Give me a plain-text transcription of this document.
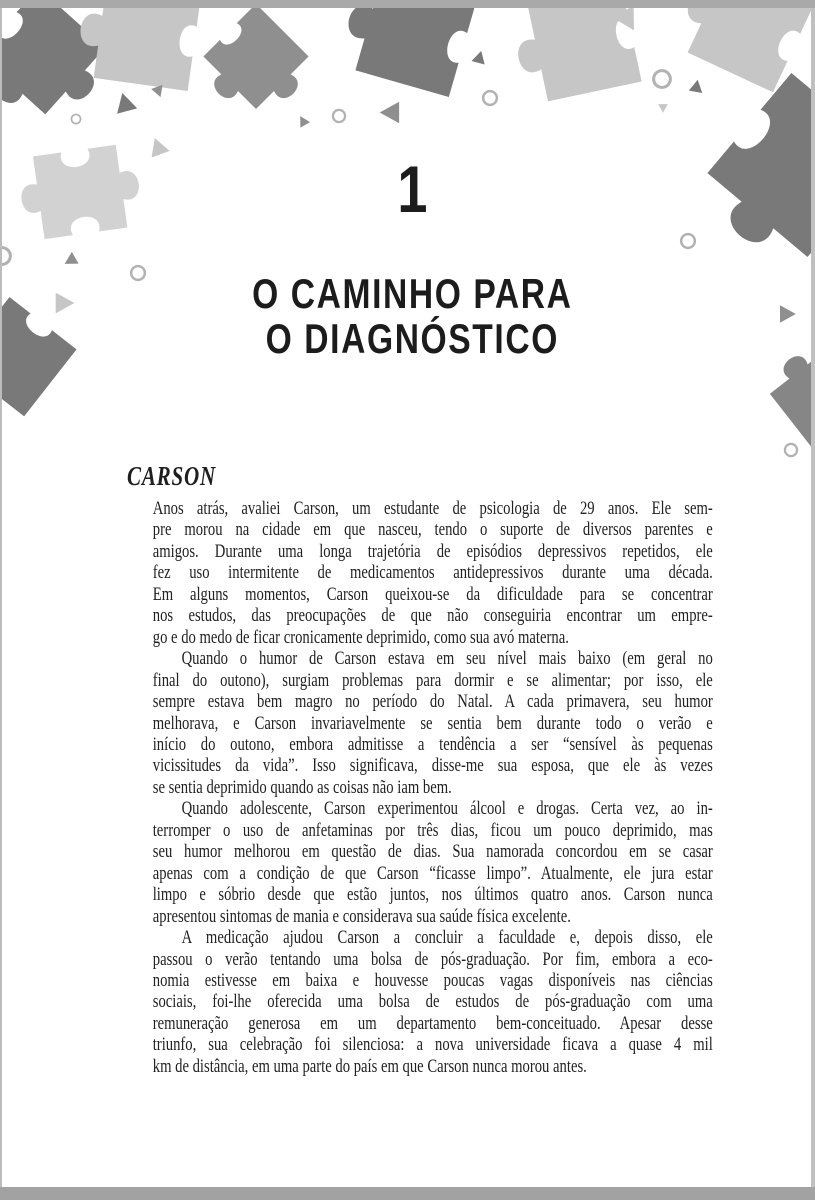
1
O CAMINHO PARA
O DIAGNÓSTICO
CARSON
Anos atrás, avaliei Carson, um estudante de psicologia de 29 anos. Ele sem-
pre morou na cidade em que nasceu, tendo o suporte de diversos parentes e
amigos. Durante uma longa trajetória de episódios depressivos repetidos, ele
fez uso intermitente de medicamentos antidepressivos durante uma década.
Em alguns momentos, Carson queixou-se da dificuldade para se concentrar
nos estudos, das preocupações de que não conseguiria encontrar um empre-
go e do medo de ficar cronicamente deprimido, como sua avó materna.
Quando o humor de Carson estava em seu nível mais baixo (em geral no
final do outono), surgiam problemas para dormir e se alimentar; por isso, ele
sempre estava bem magro no período do Natal. A cada primavera, seu humor
melhorava, e Carson invariavelmente se sentia bem durante todo o verão e
início do outono, embora admitisse a tendência a ser “sensível às pequenas
vicissitudes da vida”. Isso significava, disse-me sua esposa, que ele às vezes
se sentia deprimido quando as coisas não iam bem.
Quando adolescente, Carson experimentou álcool e drogas. Certa vez, ao in-
terromper o uso de anfetaminas por três dias, ficou um pouco deprimido, mas
seu humor melhorou em questão de dias. Sua namorada concordou em se casar
apenas com a condição de que Carson “ficasse limpo”. Atualmente, ele jura estar
limpo e sóbrio desde que estão juntos, nos últimos quatro anos. Carson nunca
apresentou sintomas de mania e considerava sua saúde física excelente.
A medicação ajudou Carson a concluir a faculdade e, depois disso, ele
passou o verão tentando uma bolsa de pós-graduação. Por fim, embora a eco-
nomia estivesse em baixa e houvesse poucas vagas disponíveis nas ciências
sociais, foi-lhe oferecida uma bolsa de estudos de pós-graduação com uma
remuneração generosa em um departamento bem-conceituado. Apesar desse
triunfo, sua celebração foi silenciosa: a nova universidade ficava a quase 4 mil
km de distância, em uma parte do país em que Carson nunca morou antes.
